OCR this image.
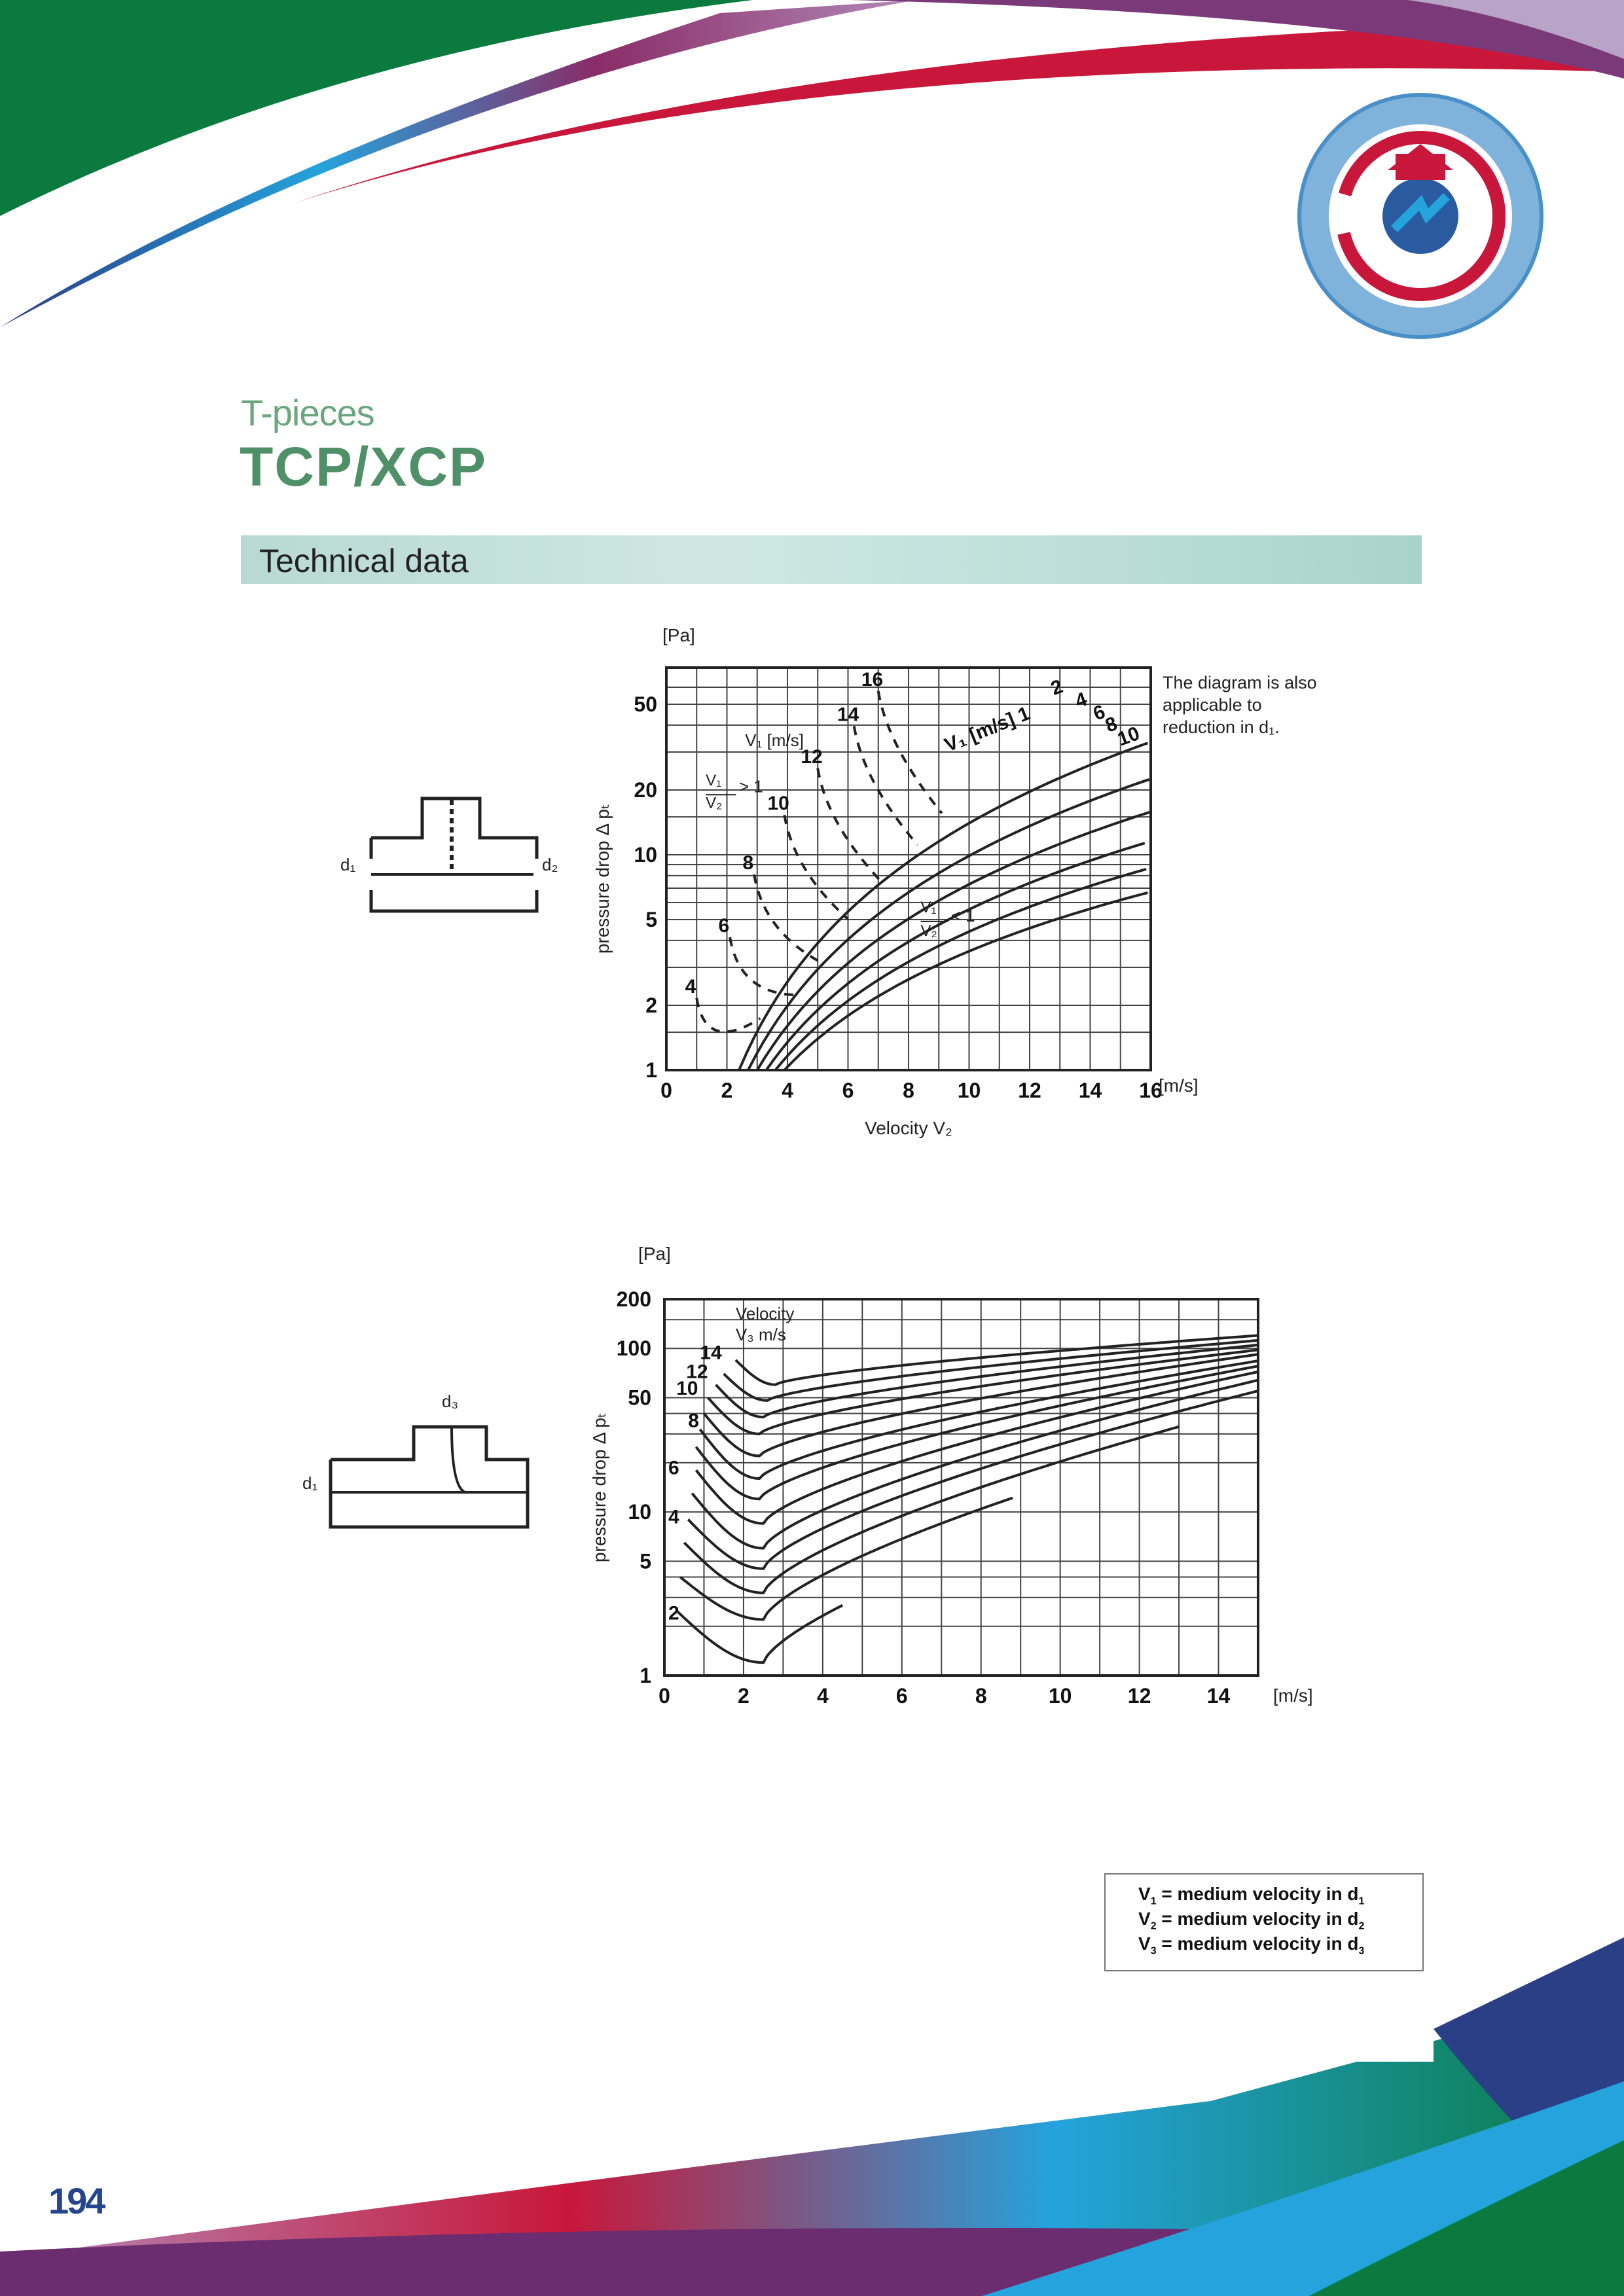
0 2 4 6 8 10 12 14 16
1
2
5
10
20
50
[Pa]
[m/s]
Velocity V₂
pressure drop Δ pₜ
4
6
8
10
12
14
16	2
4
6
8
10
V₁ [m/s] 1
V₁ [m/s]
V₁
V₂
> 1
V₁
V₂
< 1
0	2	4	6	8	10	12	14
1
5
10
50
100
200
[Pa]
[m/s]
pressure drop Δ pₜ
Velocity
V₃ m/s
14
12
10
8
6
4
2
d₁	d₂
d₃
d₁
T-pieces
TCP/XCP
Technical data
The diagram is also
applicable to
reduction in d₁.
$V_1$ = medium velocity in $d_1$
$V_2$ = medium velocity in $d_2$
$V_3$ = medium velocity in $d_3$
194
